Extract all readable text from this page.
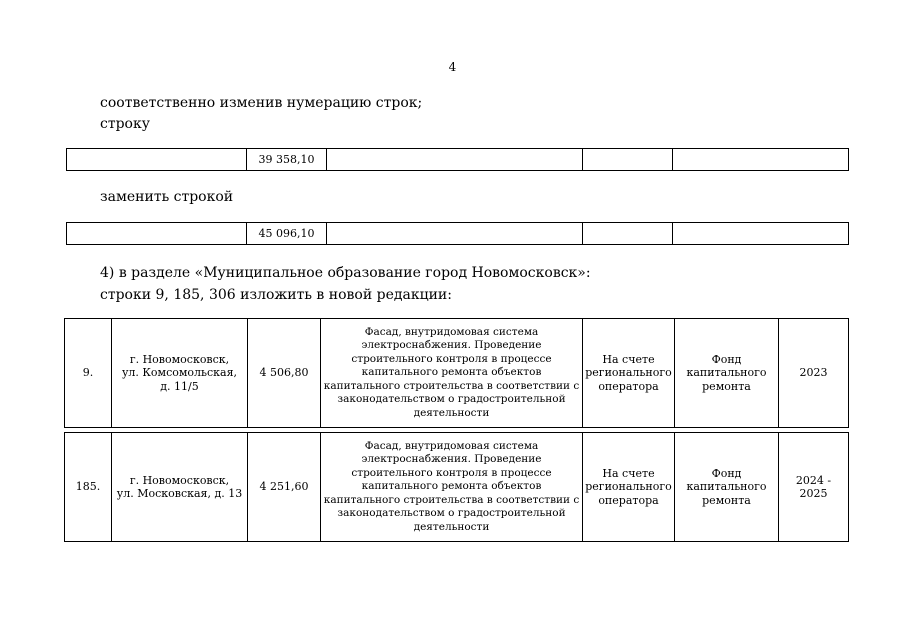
4
соответственно изменив нумерацию строк;
строку
	39 358,10			
заменить строкой
	45 096,10			
4) в разделе «Муниципальное образование город Новомосковск»:
строки 9, 185, 306 изложить в новой редакции:
9.	г. Новомосковск,
ул. Комсомольская,
д. 11/5	4 506,80	Фасад, внутридомовая система электроснабжения. Проведение строительного контроля в процессе капитального ремонта объектов капитального строительства в соответствии с законодательством о градостроительной деятельности	На счете регионального оператора	Фонд капитального ремонта	2023
185.	г. Новомосковск,
ул. Московская, д. 13	4 251,60	Фасад, внутридомовая система электроснабжения. Проведение строительного контроля в процессе капитального ремонта объектов капитального строительства в соответствии с законодательством о градостроительной деятельности	На счете регионального оператора	Фонд капитального ремонта	2024 - 2025
